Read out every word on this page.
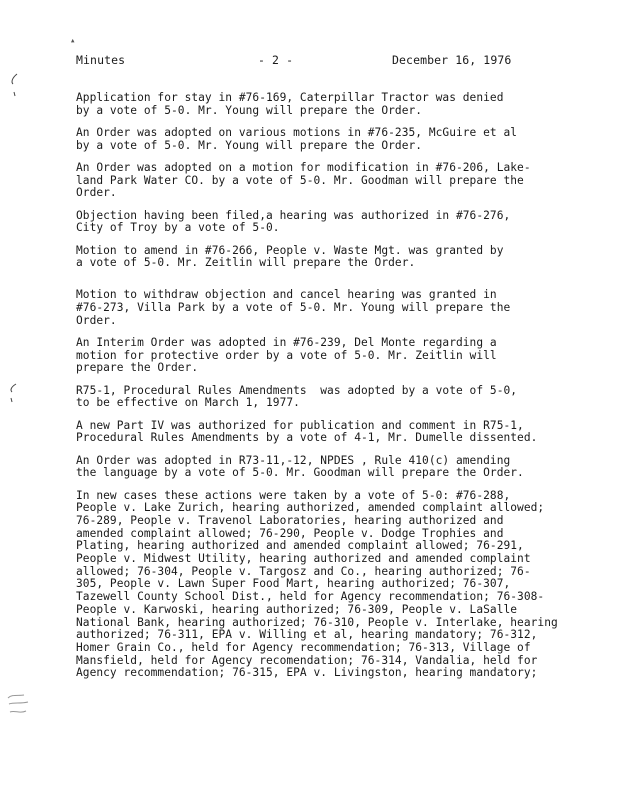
▴
Minutes	- 2 -	December 16, 1976

Application for stay in #76-169, Caterpillar Tractor was denied
by a vote of 5-0. Mr. Young will prepare the Order.

An Order was adopted on various motions in #76-235, McGuire et al
by a vote of 5-0. Mr. Young will prepare the Order.

An Order was adopted on a motion for modification in #76-206, Lake-
land Park Water CO. by a vote of 5-0. Mr. Goodman will prepare the
Order.

Objection having been filed,a hearing was authorized in #76-276,
City of Troy by a vote of 5-0.

Motion to amend in #76-266, People v. Waste Mgt. was granted by
a vote of 5-0. Mr. Zeitlin will prepare the Order.

Motion to withdraw objection and cancel hearing was granted in
#76-273, Villa Park by a vote of 5-0. Mr. Young will prepare the
Order.

An Interim Order was adopted in #76-239, Del Monte regarding a
motion for protective order by a vote of 5-0. Mr. Zeitlin will
prepare the Order.

R75-1, Procedural Rules Amendments  was adopted by a vote of 5-0,
to be effective on March 1, 1977.

A new Part IV was authorized for publication and comment in R75-1,
Procedural Rules Amendments by a vote of 4-1, Mr. Dumelle dissented.

An Order was adopted in R73-11,-12, NPDES , Rule 410(c) amending
the language by a vote of 5-0. Mr. Goodman will prepare the Order.

In new cases these actions were taken by a vote of 5-0: #76-288,
People v. Lake Zurich, hearing authorized, amended complaint allowed;
76-289, People v. Travenol Laboratories, hearing authorized and
amended complaint allowed; 76-290, People v. Dodge Trophies and
Plating, hearing authorized and amended complaint allowed; 76-291,
People v. Midwest Utility, hearing authorized and amended complaint
allowed; 76-304, People v. Targosz and Co., hearing authorized; 76-
305, People v. Lawn Super Food Mart, hearing authorized; 76-307,
Tazewell County School Dist., held for Agency recommendation; 76-308-
People v. Karwoski, hearing authorized; 76-309, People v. LaSalle
National Bank, hearing authorized; 76-310, People v. Interlake, hearing
authorized; 76-311, EPA v. Willing et al, hearing mandatory; 76-312,
Homer Grain Co., held for Agency recommendation; 76-313, Village of
Mansfield, held for Agency recomendation; 76-314, Vandalia, held for
Agency recommendation; 76-315, EPA v. Livingston, hearing mandatory;
